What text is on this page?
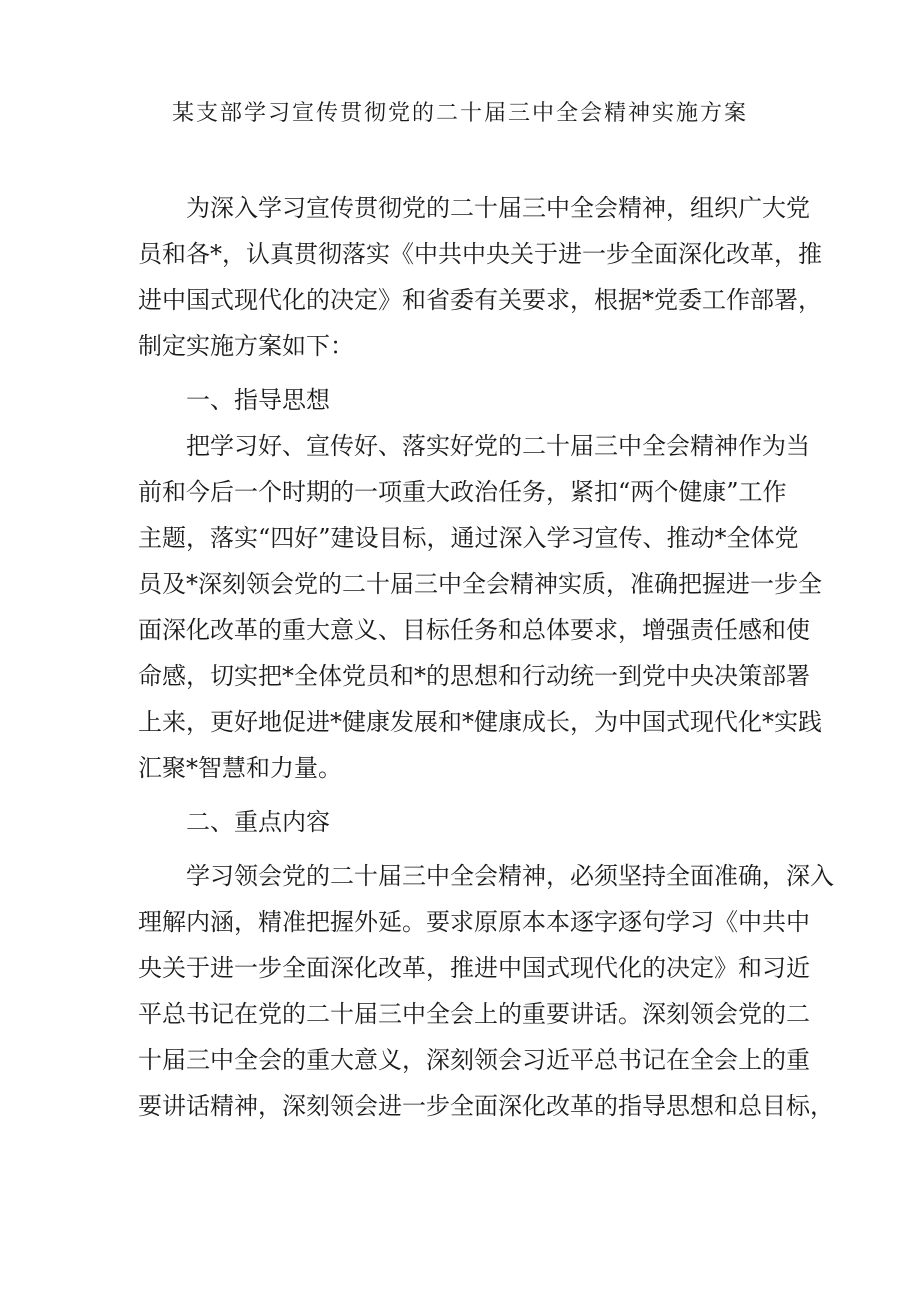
某支部学习宣传贯彻党的二十届三中全会精神实施方案
　　为深入学习宣传贯彻党的二十届三中全会精神，组织广大党
员和各*，认真贯彻落实《中共中央关于进一步全面深化改革，推
进中国式现代化的决定》和省委有关要求，根据*党委工作部署，
制定实施方案如下：
　　一、指导思想
　　把学习好、宣传好、落实好党的二十届三中全会精神作为当
前和今后一个时期的一项重大政治任务，紧扣“两个健康”工作
主题，落实“四好”建设目标，通过深入学习宣传、推动*全体党
员及*深刻领会党的二十届三中全会精神实质，准确把握进一步全
面深化改革的重大意义、目标任务和总体要求，增强责任感和使
命感，切实把*全体党员和*的思想和行动统一到党中央决策部署
上来，更好地促进*健康发展和*健康成长，为中国式现代化*实践
汇聚*智慧和力量。
　　二、重点内容
　　学习领会党的二十届三中全会精神，必须坚持全面准确，深入
理解内涵，精准把握外延。要求原原本本逐字逐句学习《中共中
央关于进一步全面深化改革，推进中国式现代化的决定》和习近
平总书记在党的二十届三中全会上的重要讲话。深刻领会党的二
十届三中全会的重大意义，深刻领会习近平总书记在全会上的重
要讲话精神，深刻领会进一步全面深化改革的指导思想和总目标，
